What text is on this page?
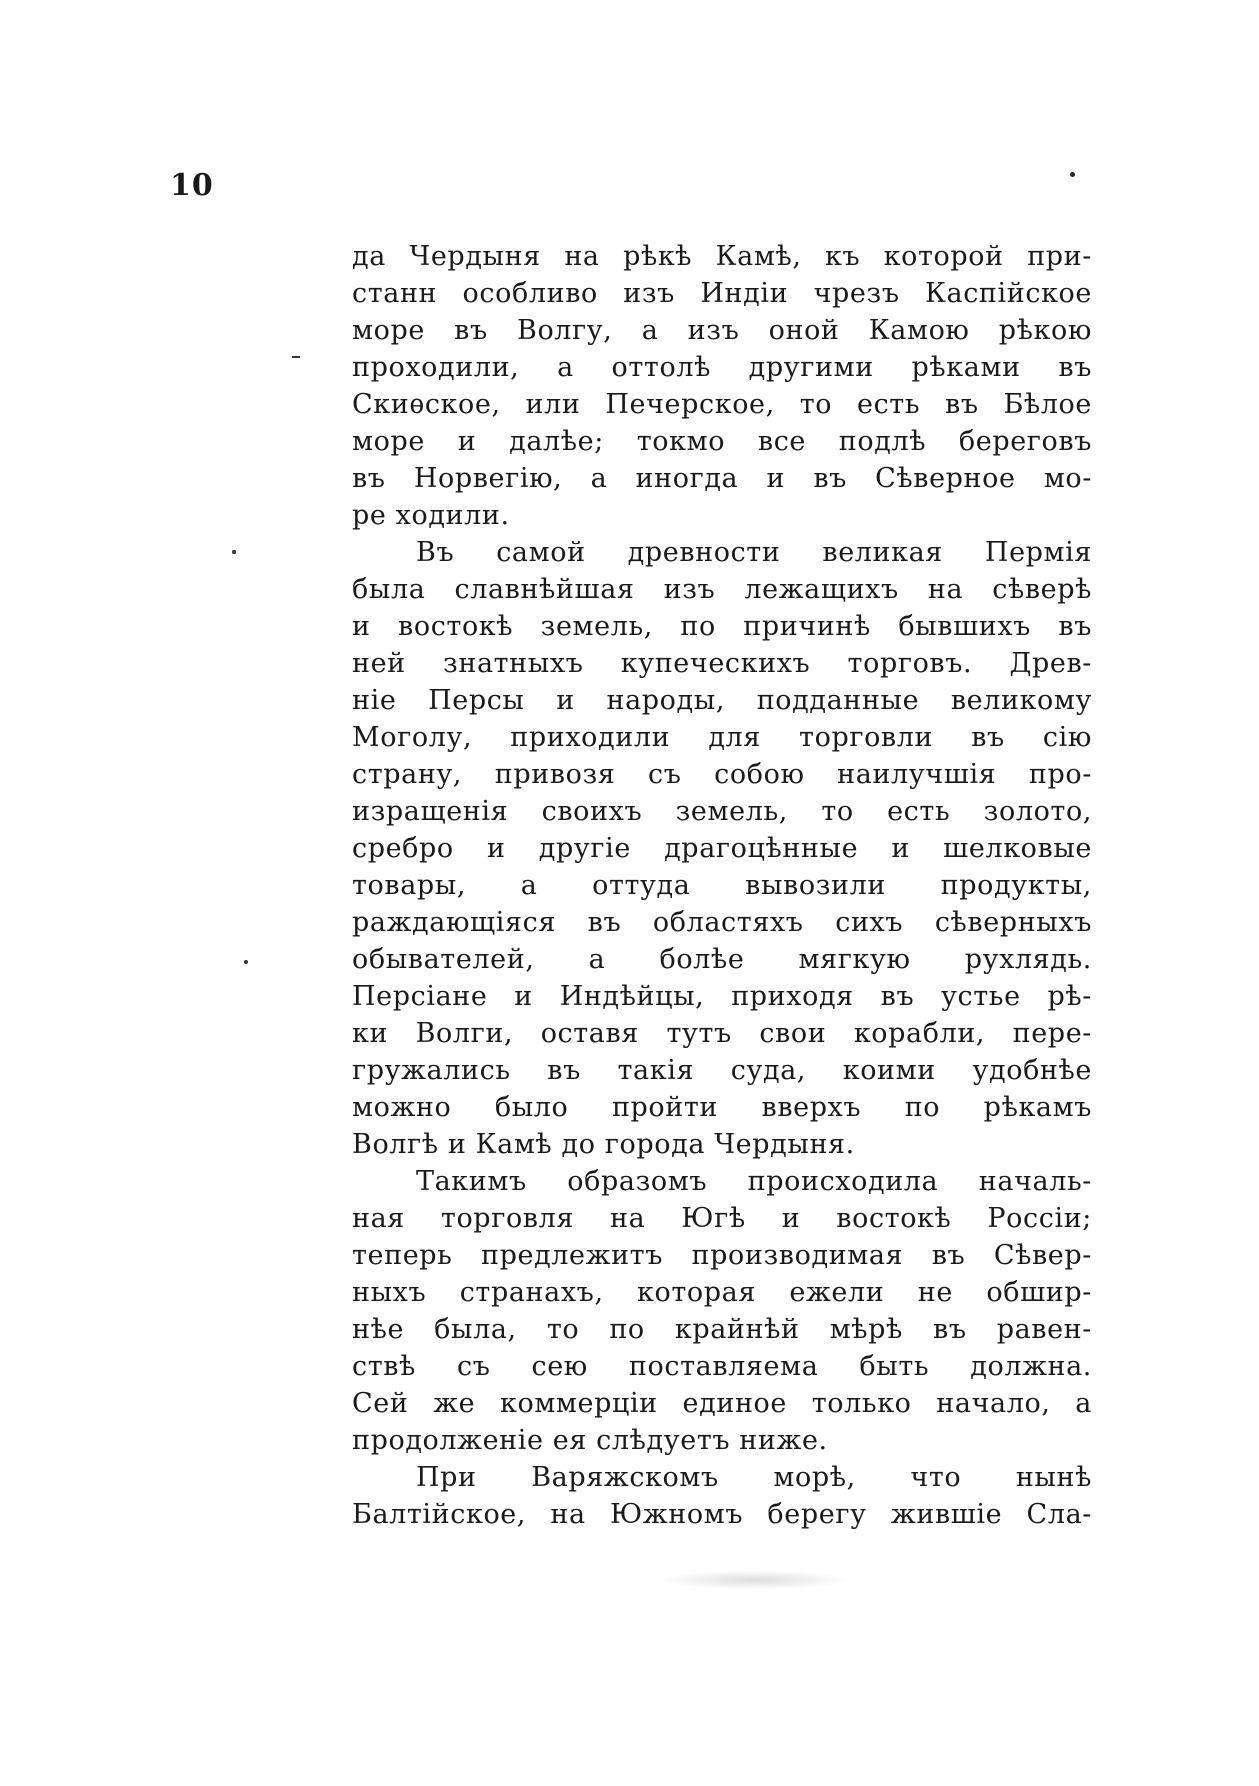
10
да Чердыня на рѣкѣ Камѣ, къ которой при-
станн особливо изъ Индіи чрезъ Каспійское
море въ Волгу, а изъ оной Камою рѣкою
проходили, а оттолѣ другими рѣками въ
Скиѳское, или Печерское, то есть въ Бѣлое
море и далѣе; токмо все подлѣ береговъ
въ Норвегію, а иногда и въ Сѣверное мо-
ре ходили.
Въ самой древности великая Пермія
была славнѣйшая изъ лежащихъ на сѣверѣ
и востокѣ земель, по причинѣ бывшихъ въ
ней знатныхъ купеческихъ торговъ. Древ-
ніе Персы и народы, подданные великому
Моголу, приходили для торговли въ сію
страну, привозя съ собою наилучшія про-
изращенія своихъ земель, то есть золото,
сребро и другіе драгоцѣнные и шелковые
товары, а оттуда вывозили продукты,
раждающіяся въ областяхъ сихъ сѣверныхъ
обывателей, а болѣе мягкую рухлядь.
Персіане и Индѣйцы, приходя въ устье рѣ-
ки Волги, оставя тутъ свои корабли, пере-
гружались въ такія суда, коими удобнѣе
можно было пройти вверхъ по рѣкамъ
Волгѣ и Камѣ до города Чердыня.
Такимъ образомъ происходила началь-
ная торговля на Югѣ и востокѣ Россіи;
теперь предлежитъ производимая въ Сѣвер-
ныхъ странахъ, которая ежели не обшир-
нѣе была, то по крайнѣй мѣрѣ въ равен-
ствѣ съ сею поставляема быть должна.
Сей же коммерціи единое только начало, а
продолженіе ея слѣдуетъ ниже.
При Варяжскомъ морѣ, что нынѣ
Балтійское, на Южномъ берегу жившіе Сла-
